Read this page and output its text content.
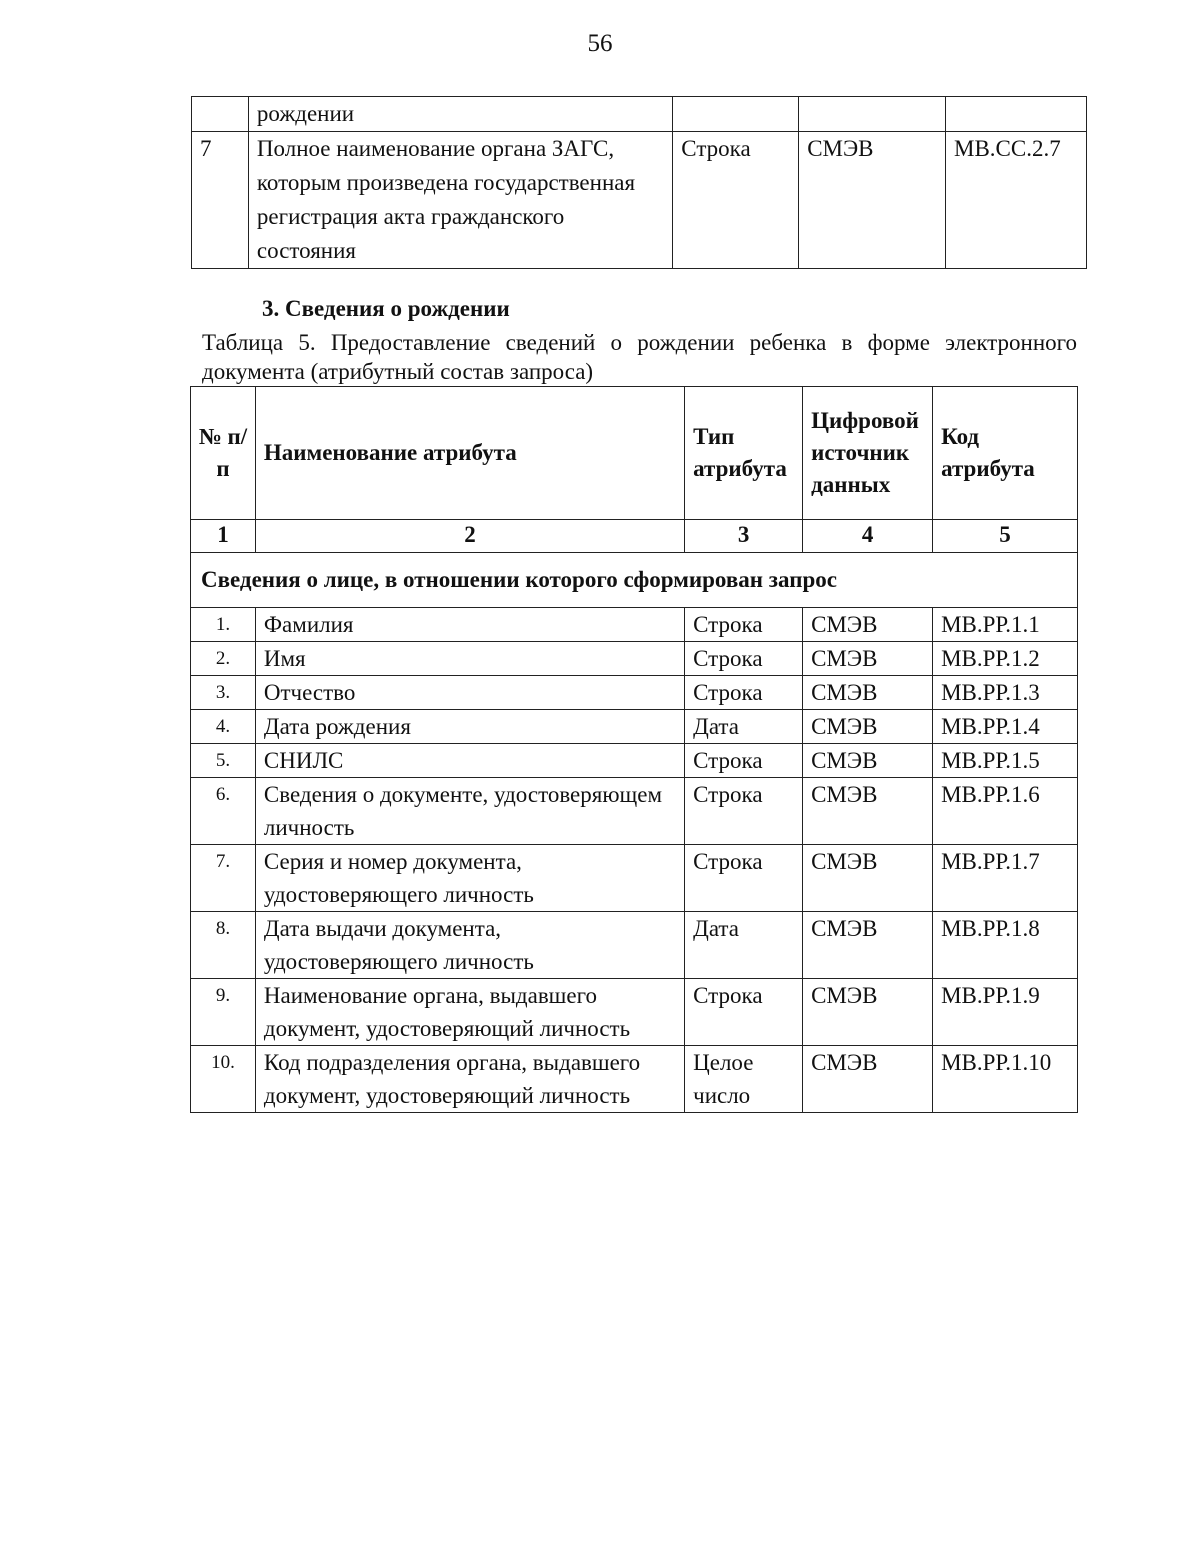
56
	рождении			
7	Полное наименование органа ЗАГС, которым произведена государственная регистрация акта гражданского состояния	Строка	СМЭВ	МВ.СС.2.7
3. Сведения о рождении
Таблица 5. Предоставление сведений о рождении ребенка в форме электронного документа (атрибутный состав запроса)
№ п/п	Наименование атрибута	Тип атрибута	Цифровой источник данных	Код атрибута
1	2	3	4	5
Сведения о лице, в отношении которого сформирован запрос				
1.	Фамилия	Строка	СМЭВ	МВ.РР.1.1
2.	Имя	Строка	СМЭВ	МВ.РР.1.2
3.	Отчество	Строка	СМЭВ	МВ.РР.1.3
4.	Дата рождения	Дата	СМЭВ	МВ.РР.1.4
5.	СНИЛС	Строка	СМЭВ	МВ.РР.1.5
6.	Сведения о документе, удостоверяющем личность	Строка	СМЭВ	МВ.РР.1.6
7.	Серия и номер документа, удостоверяющего личность	Строка	СМЭВ	МВ.РР.1.7
8.	Дата выдачи документа, удостоверяющего личность	Дата	СМЭВ	МВ.РР.1.8
9.	Наименование органа, выдавшего документ, удостоверяющий личность	Строка	СМЭВ	МВ.РР.1.9
10.	Код подразделения органа, выдавшего документ, удостоверяющий личность	Целое число	СМЭВ	МВ.РР.1.10
